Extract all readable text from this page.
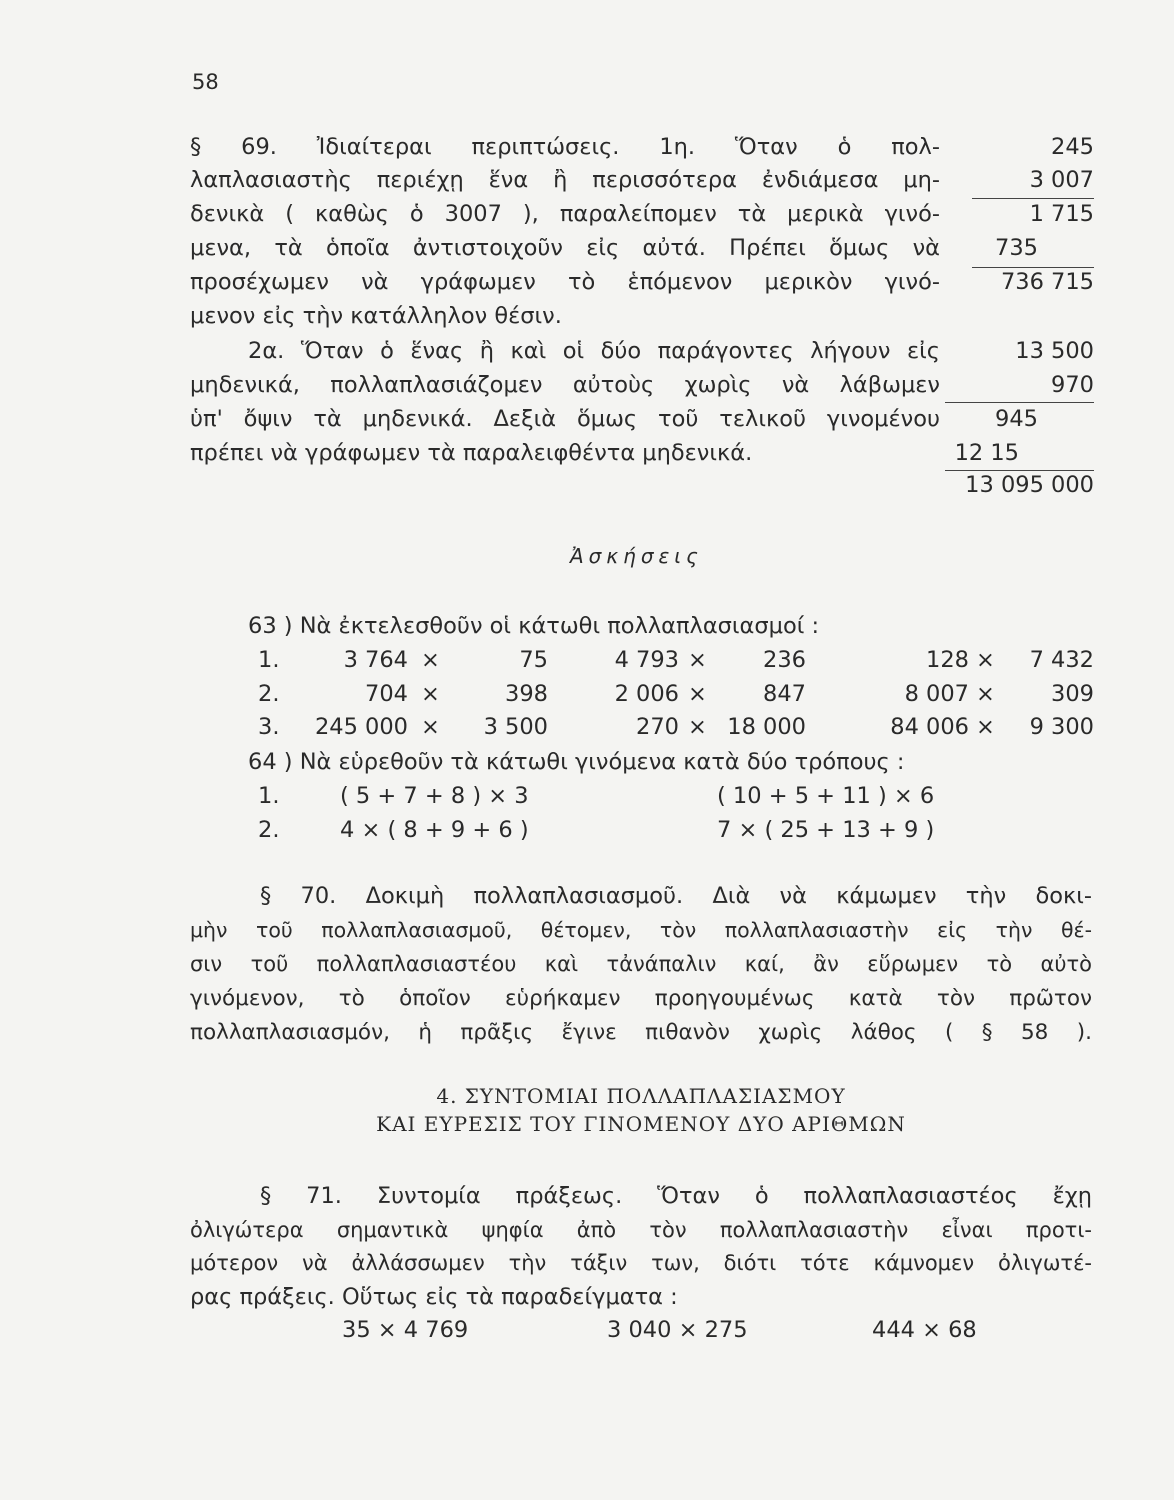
58
§ 69. Ἰδιαίτεραι περιπτώσεις. 1η. Ὅταν ὁ πολ-
λαπλασιαστὴς περιέχῃ ἕνα ἢ περισσότερα ἐνδιάμεσα μη-
δενικὰ ( καθὼς ὁ 3007 ), παραλείπομεν τὰ μερικὰ γινό-
μενα, τὰ ὁποῖα ἀντιστοιχοῦν εἰς αὐτά. Πρέπει ὅμως νὰ
προσέχωμεν νὰ γράφωμεν τὸ ἑπόμενον μερικὸν γινό-
μενον εἰς τὴν κατάλληλον θέσιν.
245
3 007
1 715
735
736 715
2α. Ὅταν ὁ ἕνας ἢ καὶ οἱ δύο παράγοντες λήγουν εἰς
μηδενικά, πολλαπλασιάζομεν αὐτοὺς χωρὶς νὰ λάβωμεν
ὑπ' ὄψιν τὰ μηδενικά. Δεξιὰ ὅμως τοῦ τελικοῦ γινομένου
πρέπει νὰ γράφωμεν τὰ παραλειφθέντα μηδενικά.
13 500
970
945
12 15
13 095 000
Ἀσκήσεις
63 ) Νὰ ἐκτελεσθοῦν οἱ κάτωθι πολλαπλασιασμοί :
1.	3 764 ×	75	4 793 × 236	128 × 7 432
2.	704 ×	398	2 006 × 847	8 007 × 309
3. 245 000 × 3 500	270 × 18 000	84 006 × 9 300
64 ) Νὰ εὑρεθοῦν τὰ κάτωθι γινόμενα κατὰ δύο τρόπους :
1.	( 5 + 7 + 8 ) × 3	( 10 + 5 + 11 ) × 6
2.	4 × ( 8 + 9 + 6 )	7 × ( 25 + 13 + 9 )
§ 70. Δοκιμὴ πολλαπλασιασμοῦ. Διὰ νὰ κάμωμεν τὴν δοκι-
μὴν τοῦ πολλαπλασιασμοῦ, θέτομεν, τὸν πολλαπλασιαστὴν εἰς τὴν θέ-
σιν τοῦ πολλαπλασιαστέου καὶ τἀνάπαλιν καί, ἂν εὕρωμεν τὸ αὐτὸ
γινόμενον, τὸ ὁποῖον εὑρήκαμεν προηγουμένως κατὰ τὸν πρῶτον
πολλαπλασιασμόν, ἡ πρᾶξις ἔγινε πιθανὸν χωρὶς λάθος ( § 58 ).
4. ΣΥΝΤΟΜΙΑΙ ΠΟΛΛΑΠΛΑΣΙΑΣΜΟΥ
ΚΑΙ ΕΥΡΕΣΙΣ ΤΟΥ ΓΙΝΟΜΕΝΟΥ ΔΥΟ ΑΡΙΘΜΩΝ
§ 71. Συντομία πράξεως. Ὅταν ὁ πολλαπλασιαστέος ἔχῃ
ὀλιγώτερα σημαντικὰ ψηφία ἀπὸ τὸν πολλαπλασιαστὴν εἶναι προτι-
μότερον νὰ ἀλλάσσωμεν τὴν τάξιν των, διότι τότε κάμνομεν ὀλιγωτέ-
ρας πράξεις. Οὕτως εἰς τὰ παραδείγματα :
35 × 4 769	3 040 × 275	444 × 68
